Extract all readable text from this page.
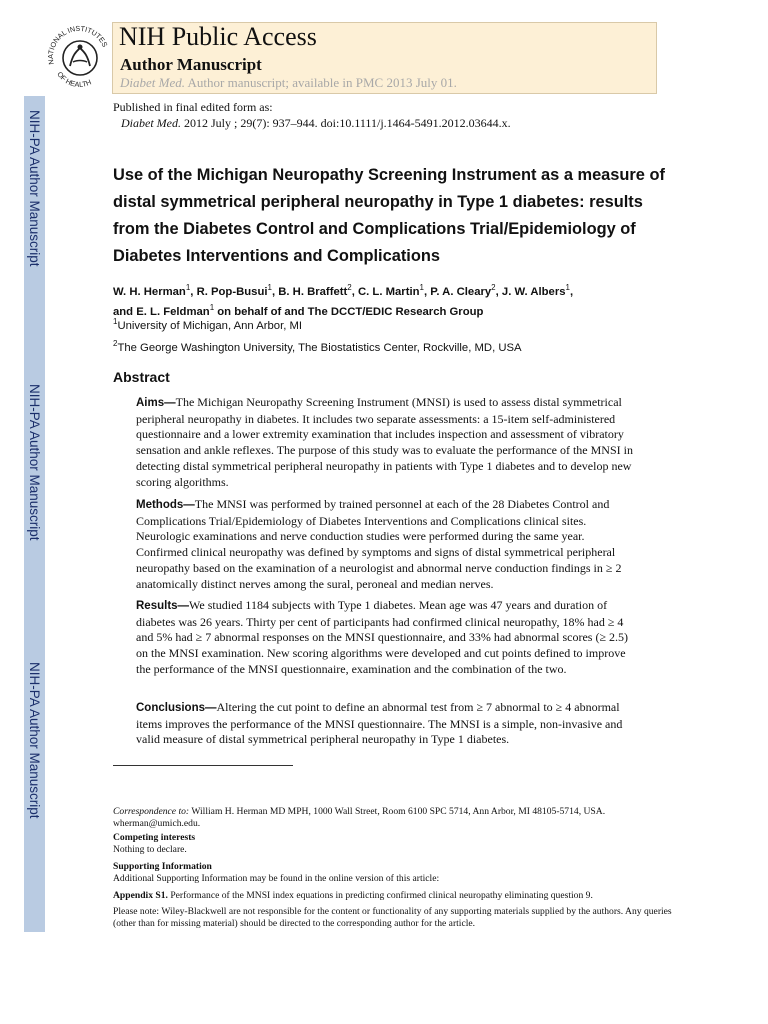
NIH-PA Author Manuscript
NIH-PA Author Manuscript
NIH-PA Author Manuscript
NATIONAL INSTITUTES
OF HEALTH
NIH Public Access
Author Manuscript
Diabet Med. Author manuscript; available in PMC 2013 July 01.
Published in final edited form as:
Diabet Med. 2012 July ; 29(7): 937–944. doi:10.1111/j.1464-5491.2012.03644.x.
Use of the Michigan Neuropathy Screening Instrument as a measure of distal symmetrical peripheral neuropathy in Type 1 diabetes: results from the Diabetes Control and Complications Trial/Epidemiology of Diabetes Interventions and Complications
W. H. Herman$^1$, R. Pop-Busui$^1$, B. H. Braffett$^2$, C. L. Martin$^1$, P. A. Cleary$^2$, J. W. Albers$^1$,
and E. L. Feldman$^1$ on behalf of and The DCCT/EDIC Research Group
$^1$University of Michigan, Ann Arbor, MI
$^2$The George Washington University, The Biostatistics Center, Rockville, MD, USA
Abstract
Aims—The Michigan Neuropathy Screening Instrument (MNSI) is used to assess distal symmetrical peripheral neuropathy in diabetes. It includes two separate assessments: a 15-item self-administered questionnaire and a lower extremity examination that includes inspection and assessment of vibratory sensation and ankle reflexes. The purpose of this study was to evaluate the performance of the MNSI in detecting distal symmetrical peripheral neuropathy in patients with Type 1 diabetes and to develop new scoring algorithms.
Methods—The MNSI was performed by trained personnel at each of the 28 Diabetes Control and Complications Trial/Epidemiology of Diabetes Interventions and Complications clinical sites. Neurologic examinations and nerve conduction studies were performed during the same year. Confirmed clinical neuropathy was defined by symptoms and signs of distal symmetrical peripheral neuropathy based on the examination of a neurologist and abnormal nerve conduction findings in ≥ 2 anatomically distinct nerves among the sural, peroneal and median nerves.
Results—We studied 1184 subjects with Type 1 diabetes. Mean age was 47 years and duration of diabetes was 26 years. Thirty per cent of participants had confirmed clinical neuropathy, 18% had ≥ 4 and 5% had ≥ 7 abnormal responses on the MNSI questionnaire, and 33% had abnormal scores (≥ 2.5) on the MNSI examination. New scoring algorithms were developed and cut points defined to improve the performance of the MNSI questionnaire, examination and the combination of the two.
Conclusions—Altering the cut point to define an abnormal test from ≥ 7 abnormal to ≥ 4 abnormal items improves the performance of the MNSI questionnaire. The MNSI is a simple, non-invasive and valid measure of distal symmetrical peripheral neuropathy in Type 1 diabetes.
Correspondence to: William H. Herman MD MPH, 1000 Wall Street, Room 6100 SPC 5714, Ann Arbor, MI 48105-5714, USA. wherman@umich.edu.
Competing interests
Nothing to declare.
Supporting Information
Additional Supporting Information may be found in the online version of this article:
Appendix S1. Performance of the MNSI index equations in predicting confirmed clinical neuropathy eliminating question 9.
Please note: Wiley-Blackwell are not responsible for the content or functionality of any supporting materials supplied by the authors. Any queries (other than for missing material) should be directed to the corresponding author for the article.
